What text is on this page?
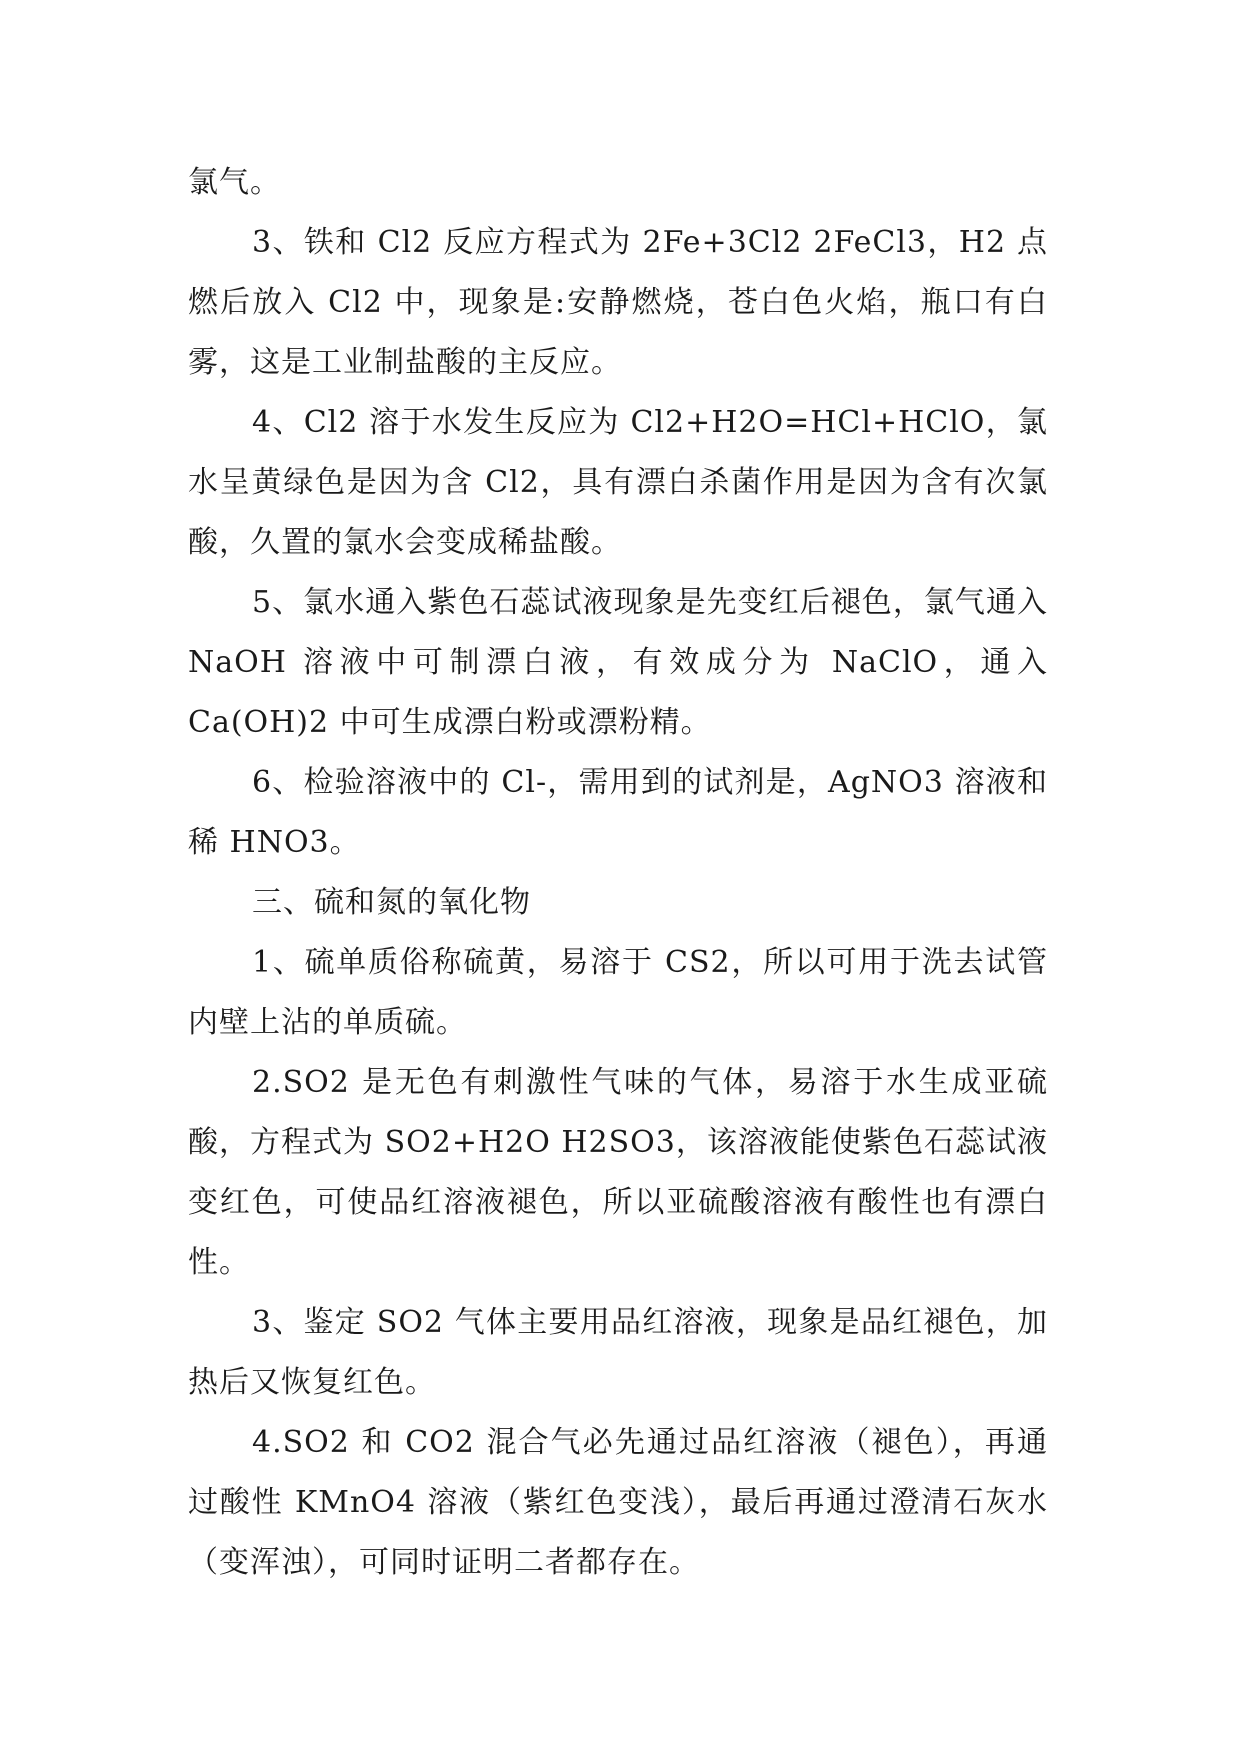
氯气。

3、铁和 Cl2 反应方程式为 2Fe+3Cl2 2FeCl3，H2 点燃后放入 Cl2 中，现象是:安静燃烧，苍白色火焰，瓶口有白雾，这是工业制盐酸的主反应。

4、Cl2 溶于水发生反应为 Cl2+H2O=HCl+HClO，氯水呈黄绿色是因为含 Cl2，具有漂白杀菌作用是因为含有次氯酸，久置的氯水会变成稀盐酸。

5、氯水通入紫色石蕊试液现象是先变红后褪色，氯气通入 NaOH 溶液中可制漂白液，有效成分为 NaClO，通入 Ca(OH)2 中可生成漂白粉或漂粉精。

6、检验溶液中的 Cl-，需用到的试剂是，AgNO3 溶液和稀 HNO3。

三、硫和氮的氧化物

1、硫单质俗称硫黄，易溶于 CS2，所以可用于洗去试管内壁上沾的单质硫。

2.SO2 是无色有刺激性气味的气体，易溶于水生成亚硫酸，方程式为 SO2+H2O H2SO3，该溶液能使紫色石蕊试液变红色，可使品红溶液褪色，所以亚硫酸溶液有酸性也有漂白性。

3、鉴定 SO2 气体主要用品红溶液，现象是品红褪色，加热后又恢复红色。

4.SO2 和 CO2 混合气必先通过品红溶液（褪色），再通过酸性 KMnO4 溶液（紫红色变浅），最后再通过澄清石灰水（变浑浊），可同时证明二者都存在。
